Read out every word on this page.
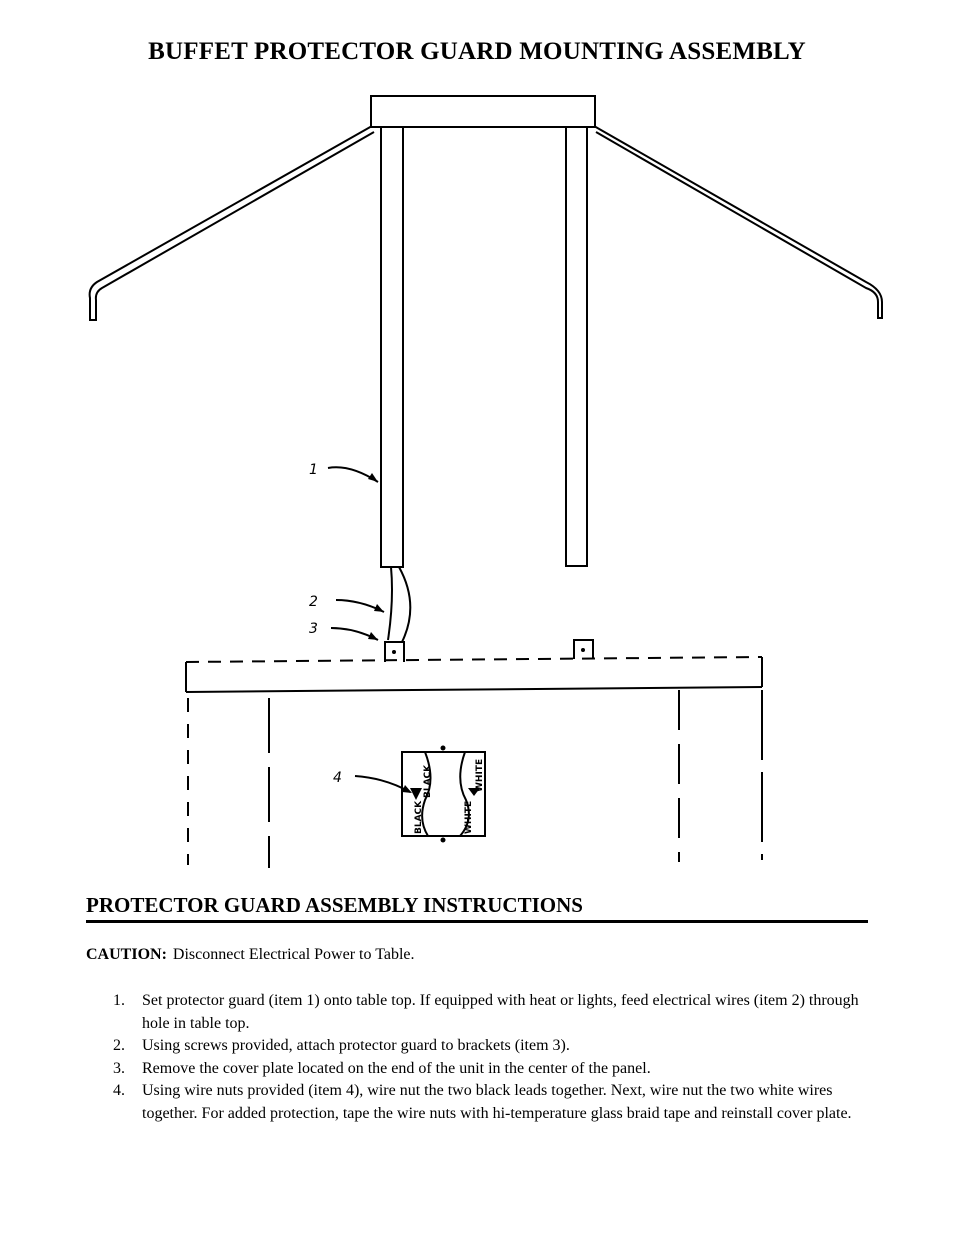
BUFFET PROTECTOR GUARD MOUNTING ASSEMBLY
1
2
3
4
BLACK
BLACK
WHITE
WHITE
PROTECTOR GUARD ASSEMBLY INSTRUCTIONS

CAUTION: Disconnect Electrical Power to Table.

1. Set protector guard (item 1) onto table top. If equipped with heat or lights, feed electrical wires (item 2) through hole in table top.
2. Using screws provided, attach protector guard to brackets (item 3).
3. Remove the cover plate located on the end of the unit in the center of the panel.
4. Using wire nuts provided (item 4), wire nut the two black leads together. Next, wire nut the two white wires together. For added protection, tape the wire nuts with hi-temperature glass braid tape and reinstall cover plate.
